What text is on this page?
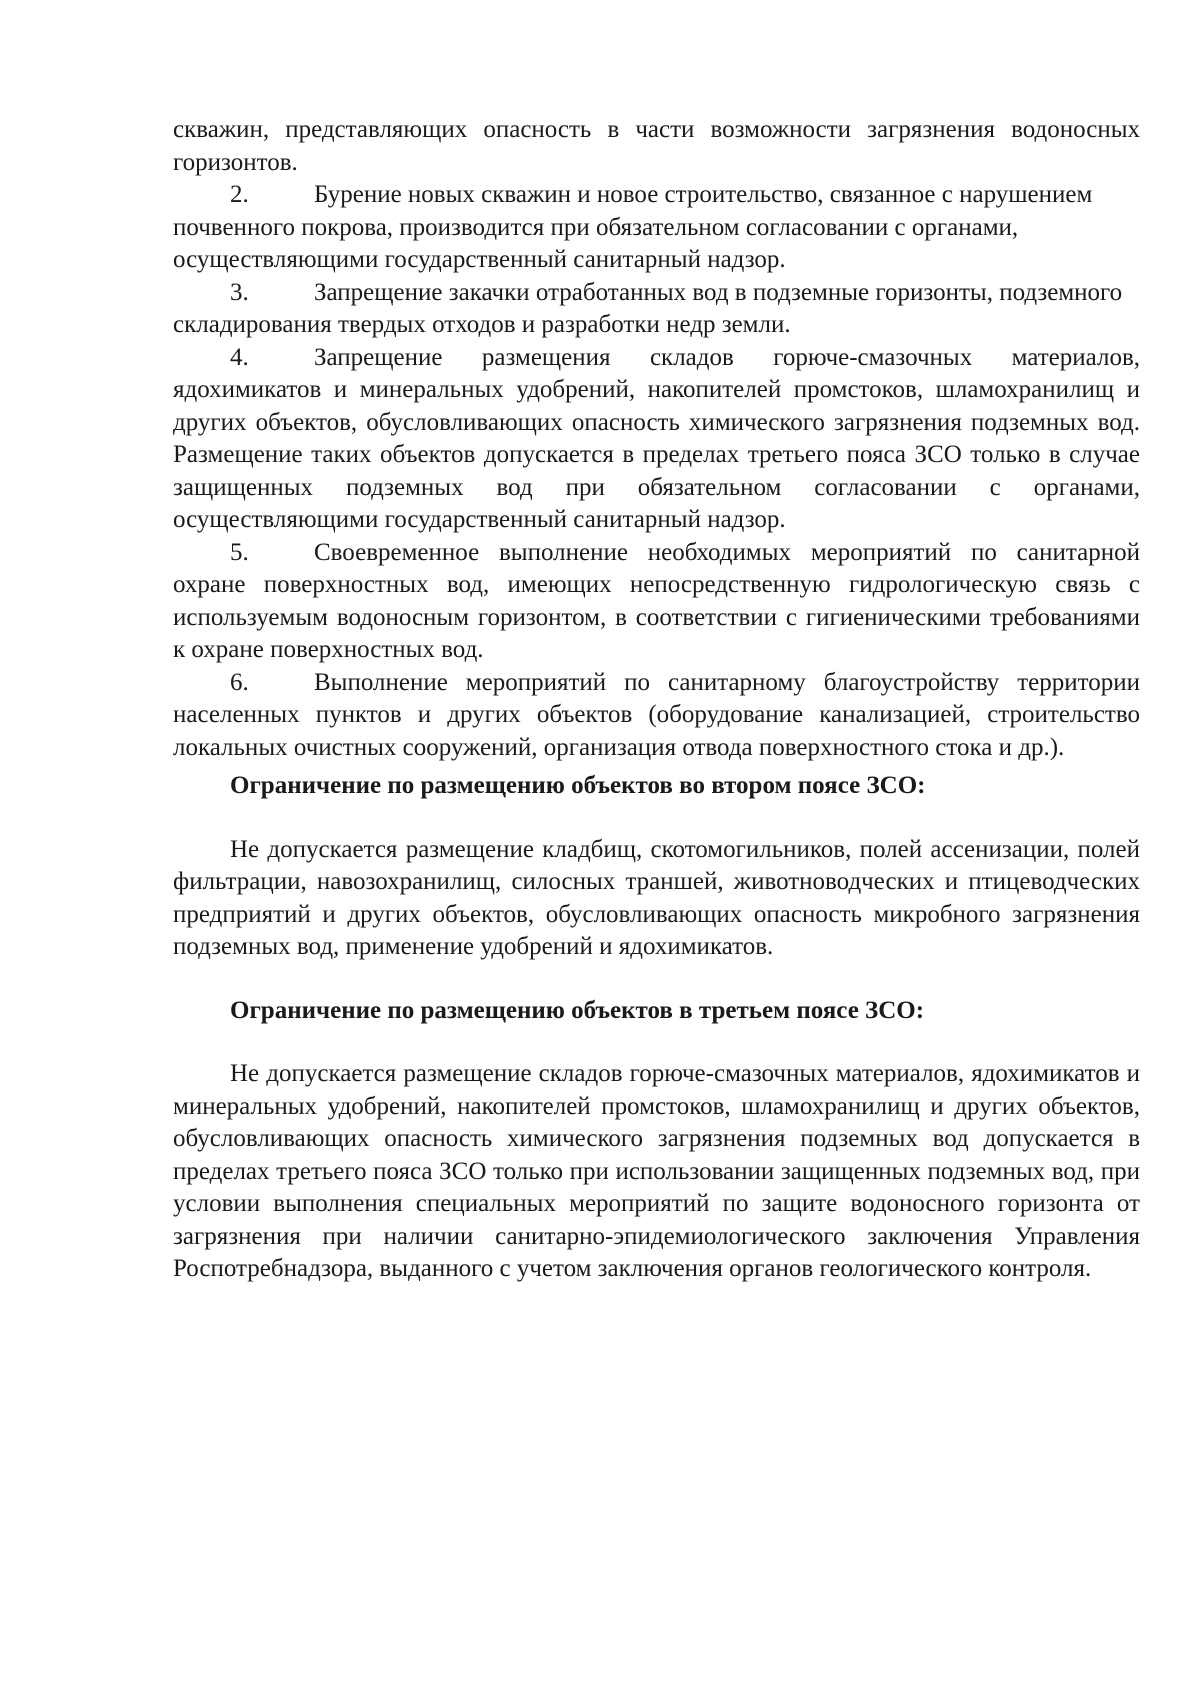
скважин, представляющих опасность в части возможности загрязнения водоносных горизонтов.

2.	Бурение новых скважин и новое строительство, связанное с нарушением почвенного покрова, производится при обязательном согласовании с органами, осуществляющими государственный санитарный надзор.

3.	Запрещение закачки отработанных вод в подземные горизонты, подземного складирования твердых отходов и разработки недр земли.

4.	Запрещение размещения складов горюче-смазочных материалов, ядохимикатов и минеральных удобрений, накопителей промстоков, шламохранилищ и других объектов, обусловливающих опасность химического загрязнения подземных вод. Размещение таких объектов допускается в пределах третьего пояса ЗСО только в случае защищенных подземных вод при обязательном согласовании с органами, осуществляющими государственный санитарный надзор.

5.	Своевременное выполнение необходимых мероприятий по санитарной охране поверхностных вод, имеющих непосредственную гидрологическую связь с используемым водоносным горизонтом, в соответствии с гигиеническими требованиями к охране поверхностных вод.

6.	Выполнение мероприятий по санитарному благоустройству территории населенных пунктов и других объектов (оборудование канализацией, строительство локальных очистных сооружений, организация отвода поверхностного стока и др.).

Ограничение по размещению объектов во втором поясе ЗСО:

Не допускается размещение кладбищ, скотомогильников, полей ассенизации, полей фильтрации, навозохранилищ, силосных траншей, животноводческих и птицеводческих предприятий и других объектов, обусловливающих опасность микробного загрязнения подземных вод, применение удобрений и ядохимикатов.

Ограничение по размещению объектов в третьем поясе ЗСО:

Не допускается размещение складов горюче-смазочных материалов, ядохимикатов и минеральных удобрений, накопителей промстоков, шламохранилищ и других объектов, обусловливающих опасность химического загрязнения подземных вод допускается в пределах третьего пояса ЗСО только при использовании защищенных подземных вод, при условии выполнения специальных мероприятий по защите водоносного горизонта от загрязнения при наличии санитарно-эпидемиологического заключения Управления Роспотребнадзора, выданного с учетом заключения органов геологического контроля.
